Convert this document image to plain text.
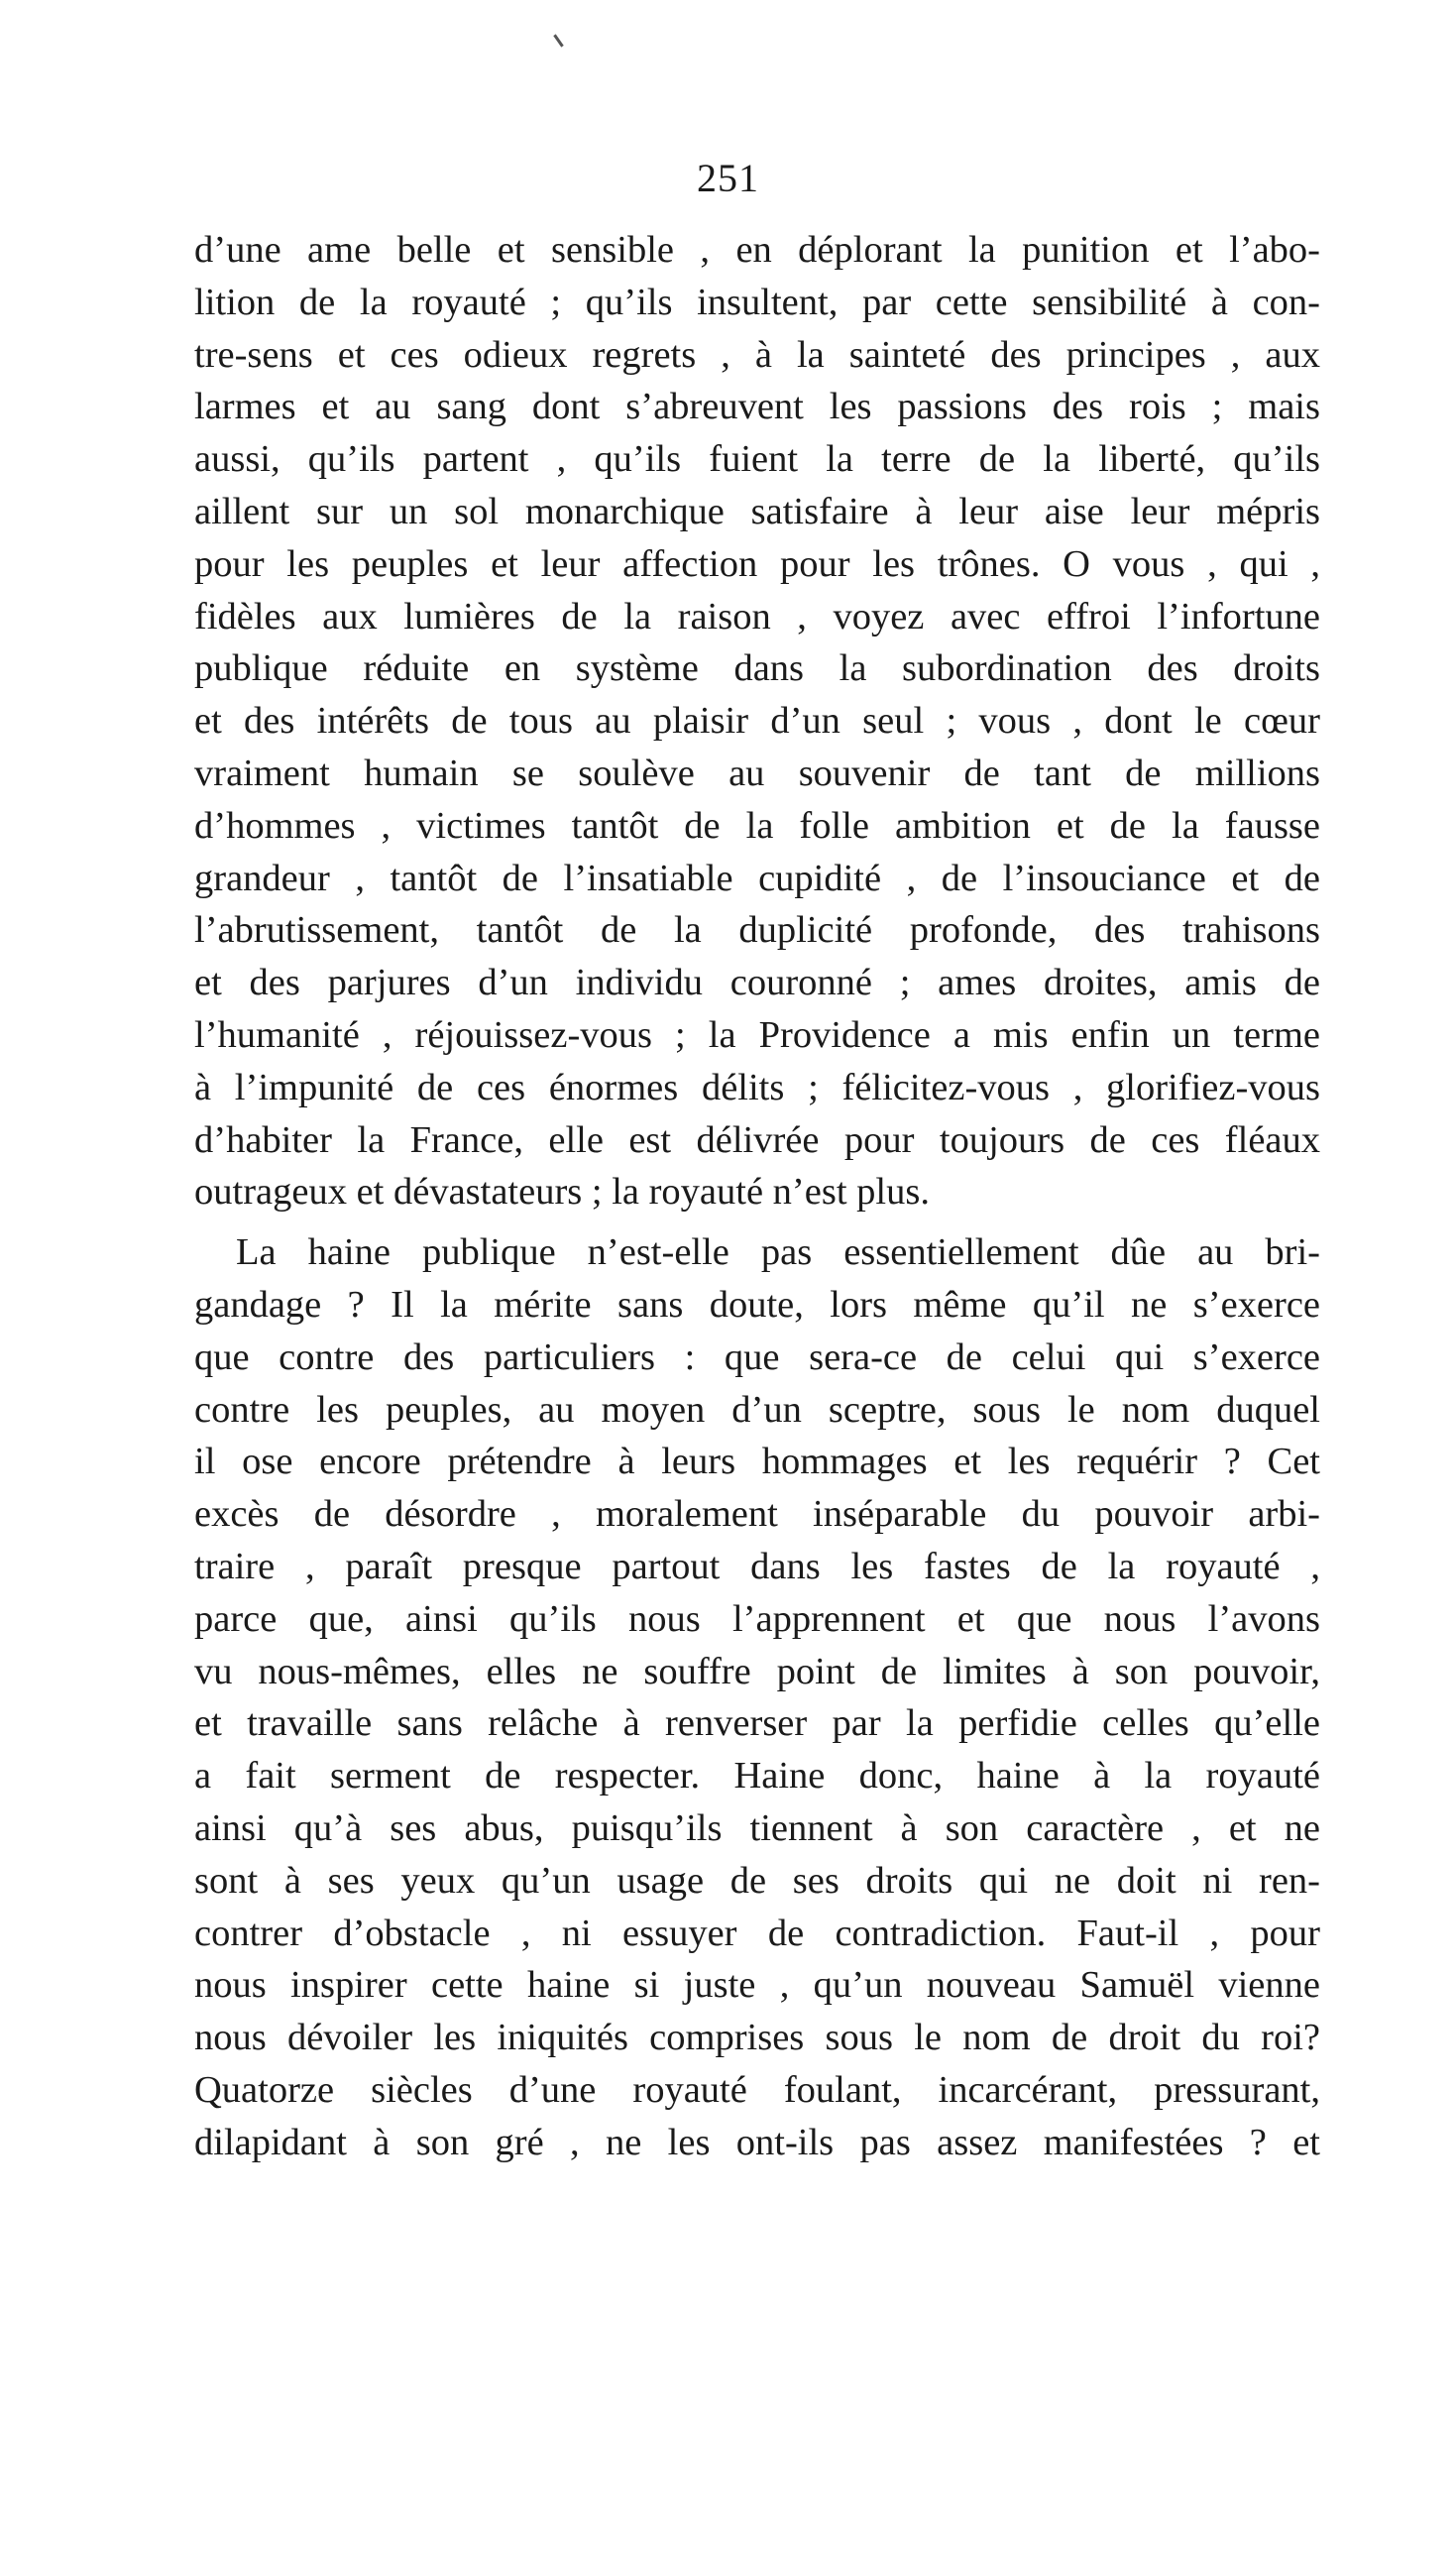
251
d’une ame belle et sensible , en déplorant la punition et l’abo-
lition de la royauté ; qu’ils insultent, par cette sensibilité à con-
tre-sens et ces odieux regrets , à la sainteté des principes , aux
larmes et au sang dont s’abreuvent les passions des rois ; mais
aussi, qu’ils partent , qu’ils fuient la terre de la liberté, qu’ils
aillent sur un sol monarchique satisfaire à leur aise leur mépris
pour les peuples et leur affection pour les trônes. O vous , qui ,
fidèles aux lumières de la raison , voyez avec effroi l’infortune
publique réduite en système dans la subordination des droits
et des intérêts de tous au plaisir d’un seul ; vous , dont le cœur
vraiment humain se soulève au souvenir de tant de millions
d’hommes , victimes tantôt de la folle ambition et de la fausse
grandeur , tantôt de l’insatiable cupidité , de l’insouciance et de
l’abrutissement, tantôt de la duplicité profonde, des trahisons
et des parjures d’un individu couronné ; ames droites, amis de
l’humanité , réjouissez-vous ; la Providence a mis enfin un terme
à l’impunité de ces énormes délits ; félicitez-vous , glorifiez-vous
d’habiter la France, elle est délivrée pour toujours de ces fléaux
outrageux et dévastateurs ; la royauté n’est plus.
La haine publique n’est-elle pas essentiellement dûe au bri-
gandage ? Il la mérite sans doute, lors même qu’il ne s’exerce
que contre des particuliers : que sera-ce de celui qui s’exerce
contre les peuples, au moyen d’un sceptre, sous le nom duquel
il ose encore prétendre à leurs hommages et les requérir ? Cet
excès de désordre , moralement inséparable du pouvoir arbi-
traire , paraît presque partout dans les fastes de la royauté ,
parce que, ainsi qu’ils nous l’apprennent et que nous l’avons
vu nous-mêmes, elles ne souffre point de limites à son pouvoir,
et travaille sans relâche à renverser par la perfidie celles qu’elle
a fait serment de respecter. Haine donc, haine à la royauté
ainsi qu’à ses abus, puisqu’ils tiennent à son caractère , et ne
sont à ses yeux qu’un usage de ses droits qui ne doit ni ren-
contrer d’obstacle , ni essuyer de contradiction. Faut-il , pour
nous inspirer cette haine si juste , qu’un nouveau Samuël vienne
nous dévoiler les iniquités comprises sous le nom de droit du roi?
Quatorze siècles d’une royauté foulant, incarcérant, pressurant,
dilapidant à son gré , ne les ont-ils pas assez manifestées ? et
